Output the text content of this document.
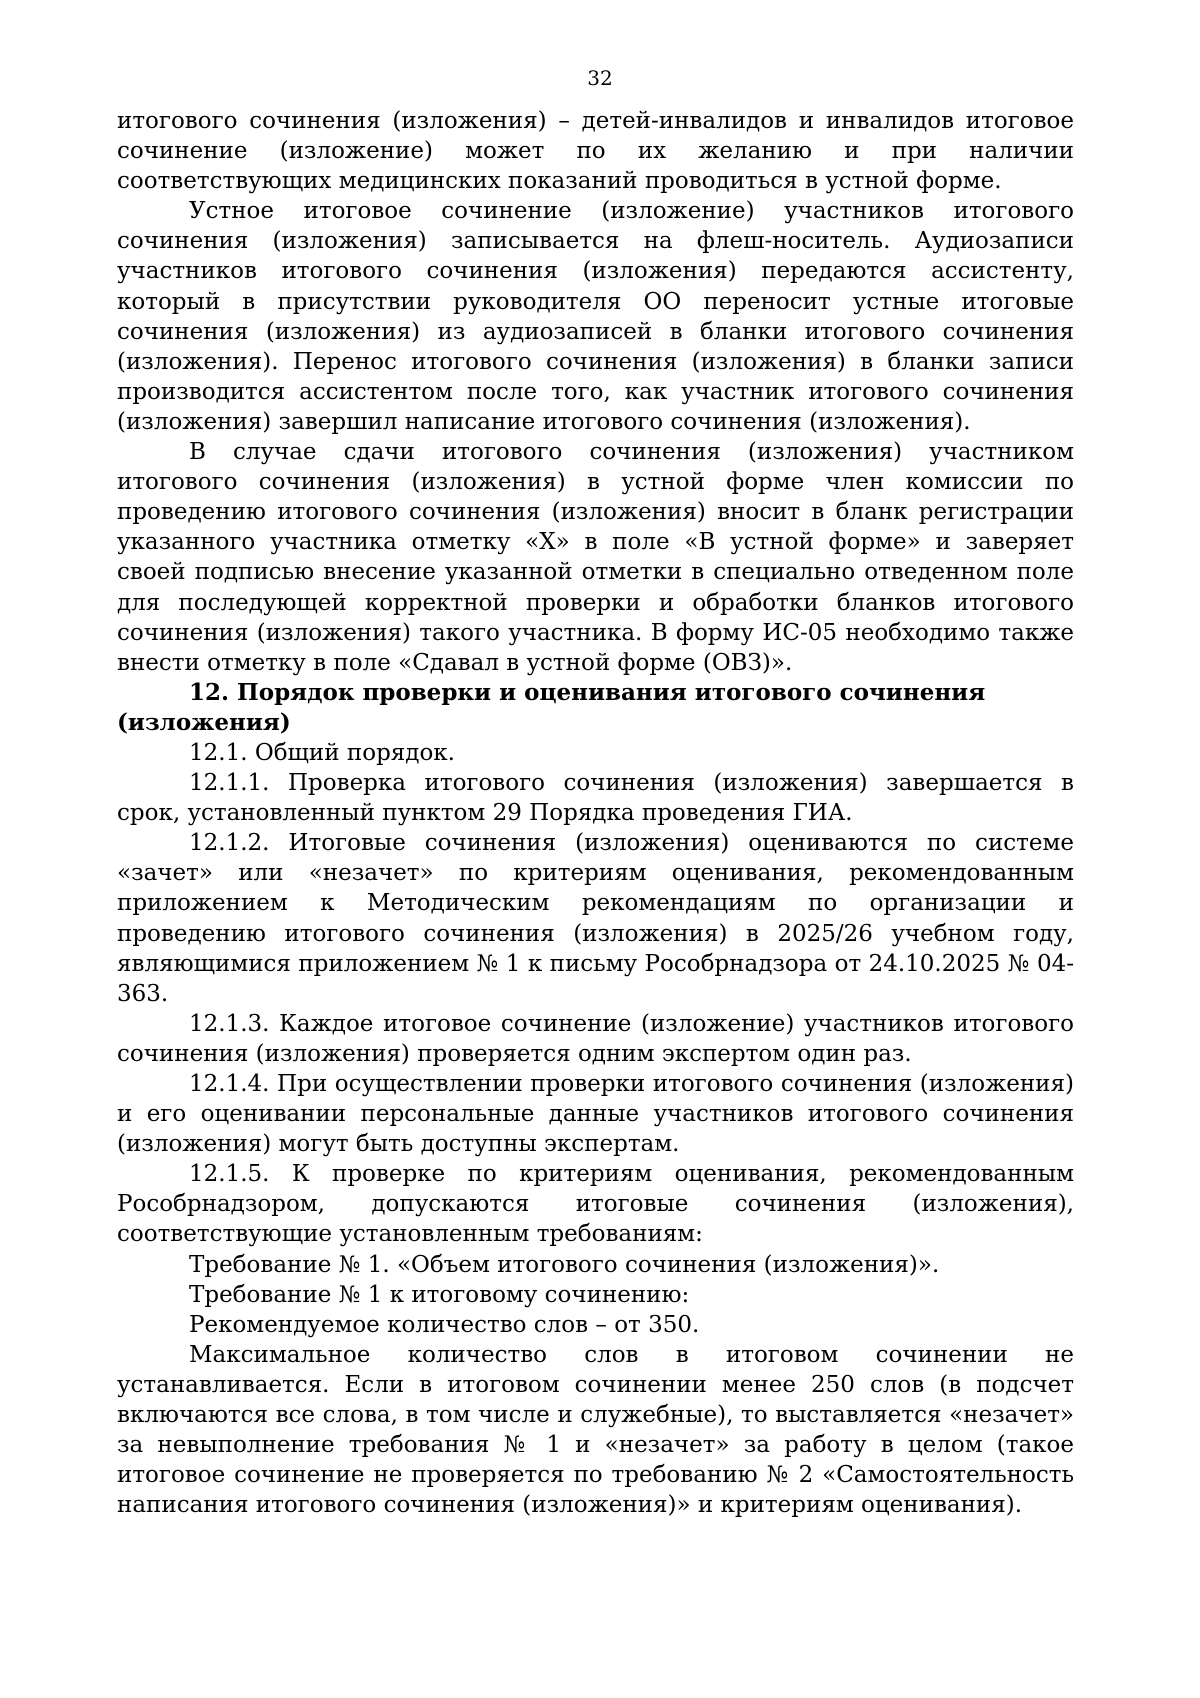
32

итогового сочинения (изложения) – детей-инвалидов и инвалидов итоговое сочинение (изложение) может по их желанию и при наличии соответствующих медицинских показаний проводиться в устной форме.

Устное итоговое сочинение (изложение) участников итогового сочинения (изложения) записывается на флеш-носитель. Аудиозаписи участников итогового сочинения (изложения) передаются ассистенту, который в присутствии руководителя ОО переносит устные итоговые сочинения (изложения) из аудиозаписей в бланки итогового сочинения (изложения). Перенос итогового сочинения (изложения) в бланки записи производится ассистентом после того, как участник итогового сочинения (изложения) завершил написание итогового сочинения (изложения).

В случае сдачи итогового сочинения (изложения) участником итогового сочинения (изложения) в устной форме член комиссии по проведению итогового сочинения (изложения) вносит в бланк регистрации указанного участника отметку «X» в поле «В устной форме» и заверяет своей подписью внесение указанной отметки в специально отведенном поле для последующей корректной проверки и обработки бланков итогового сочинения (изложения) такого участника. В форму ИС-05 необходимо также внести отметку в поле «Сдавал в устной форме (ОВЗ)».

12. Порядок проверки и оценивания итогового сочинения (изложения)

12.1. Общий порядок.

12.1.1. Проверка итогового сочинения (изложения) завершается в срок, установленный пунктом 29 Порядка проведения ГИА.

12.1.2. Итоговые сочинения (изложения) оцениваются по системе «зачет» или «незачет» по критериям оценивания, рекомендованным приложением к Методическим рекомендациям по организации и проведению итогового сочинения (изложения) в 2025/26 учебном году, являющимися приложением № 1 к письму Рособрнадзора от 24.10.2025 № 04-363.

12.1.3. Каждое итоговое сочинение (изложение) участников итогового сочинения (изложения) проверяется одним экспертом один раз.

12.1.4. При осуществлении проверки итогового сочинения (изложения) и его оценивании персональные данные участников итогового сочинения (изложения) могут быть доступны экспертам.

12.1.5. К проверке по критериям оценивания, рекомендованным Рособрнадзором, допускаются итоговые сочинения (изложения), соответствующие установленным требованиям:

Требование № 1. «Объем итогового сочинения (изложения)».

Требование № 1 к итоговому сочинению:

Рекомендуемое количество слов – от 350.

Максимальное количество слов в итоговом сочинении не устанавливается. Если в итоговом сочинении менее 250 слов (в подсчет включаются все слова, в том числе и служебные), то выставляется «незачет» за невыполнение требования № 1 и «незачет» за работу в целом (такое итоговое сочинение не проверяется по требованию № 2 «Самостоятельность написания итогового сочинения (изложения)» и критериям оценивания).
